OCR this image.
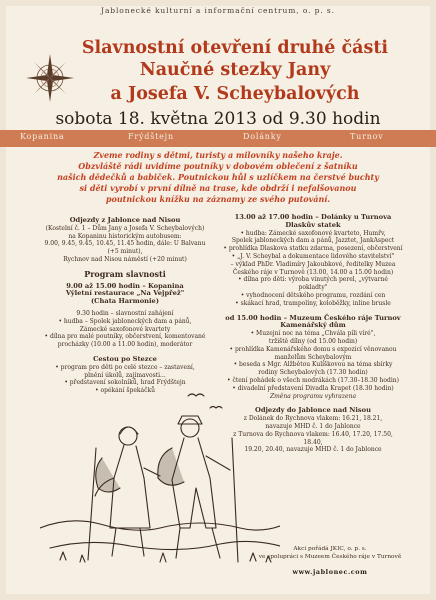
Jablonecké kulturní a informační centrum, o. p. s.
Slavnostní otevření druhé části
Naučné stezky Jany
a Josefa V. Scheybalových
sobota 18. května 2013 od 9.30 hodin
Kopanina	Frýdštejn	Dolánky	Turnov
Zveme rodiny s dětmi, turisty a milovníky našeho kraje.
Obzvláště rádi uvidíme poutníky v dobovém oblečení z šatníku
našich dědečků a babiček. Poutnickou hůl s uzlíčkem na čerstvé buchty
si děti vyrobí v první dílně na trase, kde obdrží i nefalšovanou
poutnickou knížku na záznamy ze svého putování.

Odjezdy z Jablonce nad Nisou

(Kostelní č. 1 – Dům Jany a Josefa V. Scheybalových)

na Kopaninu historickým autobusem:

9.00, 9.45, 9.45, 10.45, 11.45 hodin, dále: U Balvanu (+5 minut),

Rychnov nad Nisou náměstí (+20 minut)

Program slavnosti

9.00 až 15.00 hodin – Kopanina

Výletní restaurace „Na Vejpřež"

(Chata Harmonie)

9.30 hodin – slavnostní zahájení

• hudba – Spolek jabloneckých dam a pánů,

Zámecké saxofonové kvartety

• dílna pro malé poutníky, občerstvení, komentované

procházky (10.00 a 11.00 hodin), moderátor

Cestou po Stezce

• program pro děti po celé stezce – zastavení,

plnění úkolů, zajímavosti...

• představení sokolníků, hrad Frýdštejn

• opékání špekáčků

13.00 až 17.00 hodin – Dolánky u Turnova

Dlaskův statek

• hudba: Zámecké saxofonové kvarteto, Humřv,

Spolek jabloneckých dam a pánů, Jazztet, JankAspect

• prohlídka Dlaskova statku zdarma, posezení, občerstvení

• „J. V. Scheybal a dokumentace lidového stavitelství"

– výklad PhDr. Vladimíry Jakoubkové, ředitelky Muzea

Českého ráje v Turnově (13.00, 14.00 a 15.00 hodin)

• dílna pro děti: výroba vinutých perel, „výtvarné pokladty"

• vyhodnocení dětského programu, rozdání cen

• skákací hrad, trampolíny, koloběžky, inline bruslе

od 15.00 hodin – Muzeum Českého ráje Turnov

Kamenářský dům

• Muzejní noc na téma „Chvála píli víré",

tržiště dílny (od 15.00 hodin)

• prohlídka Kamenářského domu s expozicí věnovanou

manželům Scheybalovým

• beseda s Mgr. Alžbětou Kulíškovou na téma sbírky

rodiny Scheybalových (17.30 hodin)

• čtení pohádek o všech modrákách (17.30–18.30 hodin)

• divadelní představení Divadla Krapet (18.30 hodin)

Změna programu vyhrazena

Odjezdy do Jablonce nad Nisou

z Dolánek do Rychnova vlakem: 16.21, 18.21,

navazuje MHD č. 1 do Jablonce

z Turnova do Rychnova vlakem: 16.40, 17.20, 17.50, 18.40,

19.20, 20.40, navazuje MHD č. 1 do Jablonce

Akci pořádá JKIC, o. p. s.
ve spolupráci s Muzeem Českého ráje v Turnově
www.jablonec.com
